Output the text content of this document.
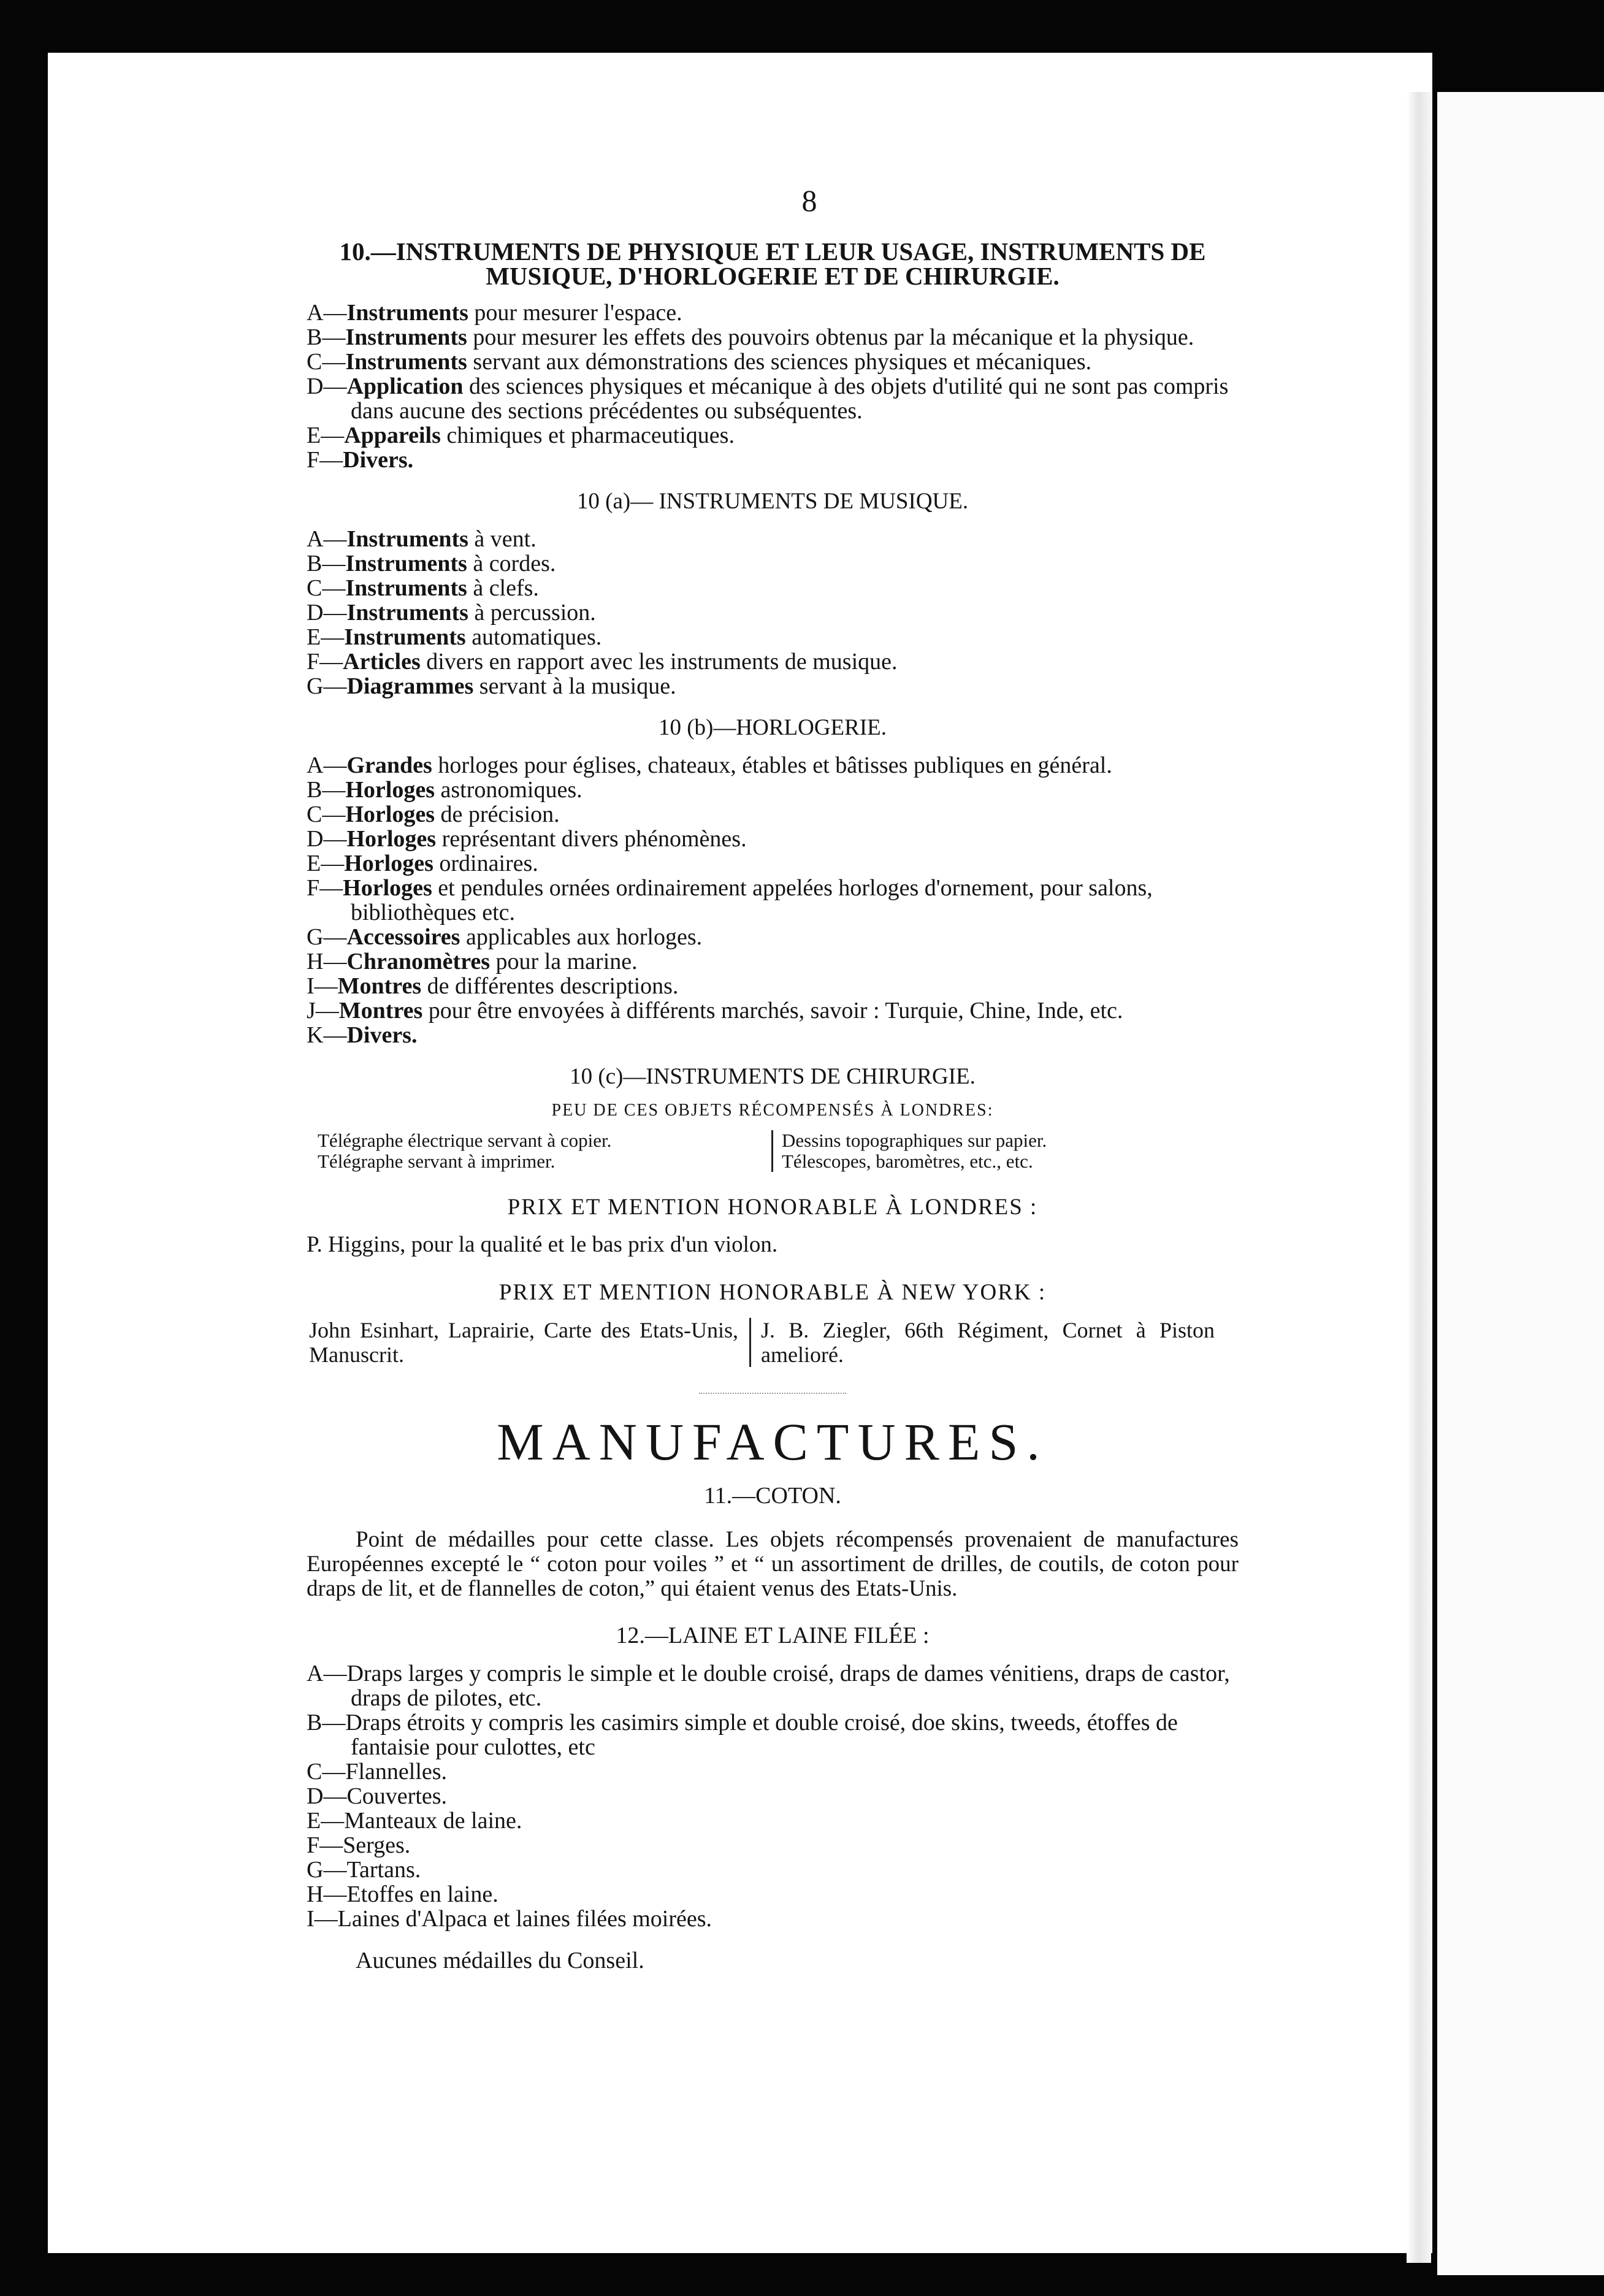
8
10.—INSTRUMENTS DE PHYSIQUE ET LEUR USAGE, INSTRUMENTS DE MUSIQUE, D'HORLOGERIE ET DE CHIRURGIE.
A—Instruments pour mesurer l'espace.
B—Instruments pour mesurer les effets des pouvoirs obtenus par la mécanique et la physique.
C—Instruments servant aux démonstrations des sciences physiques et mécaniques.
D—Application des sciences physiques et mécanique à des objets d'utilité qui ne sont pas compris dans aucune des sections précédentes ou subséquentes.
E—Appareils chimiques et pharmaceutiques.
F—Divers.
10 (a)— INSTRUMENTS DE MUSIQUE.
A—Instruments à vent.
B—Instruments à cordes.
C—Instruments à clefs.
D—Instruments à percussion.
E—Instruments automatiques.
F—Articles divers en rapport avec les instruments de musique.
G—Diagrammes servant à la musique.
10 (b)—HORLOGERIE.
A—Grandes horloges pour églises, chateaux, étables et bâtisses publiques en général.
B—Horloges astronomiques.
C—Horloges de précision.
D—Horloges représentant divers phénomènes.
E—Horloges ordinaires.
F—Horloges et pendules ornées ordinairement appelées horloges d'ornement, pour salons, bibliothèques etc.
G—Accessoires applicables aux horloges.
H—Chranomètres pour la marine.
I—Montres de différentes descriptions.
J—Montres pour être envoyées à différents marchés, savoir : Turquie, Chine, Inde, etc.
K—Divers.
10 (c)—INSTRUMENTS DE CHIRURGIE.
PEU DE CES OBJETS RÉCOMPENSÉS À LONDRES:
Télégraphe électrique servant à copier.
Télégraphe servant à imprimer.
Dessins topographiques sur papier.
Télescopes, baromètres, etc., etc.
PRIX ET MENTION HONORABLE À LONDRES :
P. Higgins, pour la qualité et le bas prix d'un violon.
PRIX ET MENTION HONORABLE À NEW YORK :
John Esinhart, Laprairie, Carte des Etats-Unis, Manuscrit.
J. B. Ziegler, 66th Régiment, Cornet à Piston amelioré.
MANUFACTURES.
11.—COTON.
Point de médailles pour cette classe. Les objets récompensés provenaient de manufactures Européennes excepté le “ coton pour voiles ” et “ un assortiment de drilles, de coutils, de coton pour draps de lit, et de flannelles de coton,” qui étaient venus des Etats-Unis.
12.—LAINE ET LAINE FILÉE :
A—Draps larges y compris le simple et le double croisé, draps de dames vénitiens, draps de castor, draps de pilotes, etc.
B—Draps étroits y compris les casimirs simple et double croisé, doe skins, tweeds, étoffes de fantaisie pour culottes, etc
C—Flannelles.
D—Couvertes.
E—Manteaux de laine.
F—Serges.
G—Tartans.
H—Etoffes en laine.
I—Laines d'Alpaca et laines filées moirées.
Aucunes médailles du Conseil.
